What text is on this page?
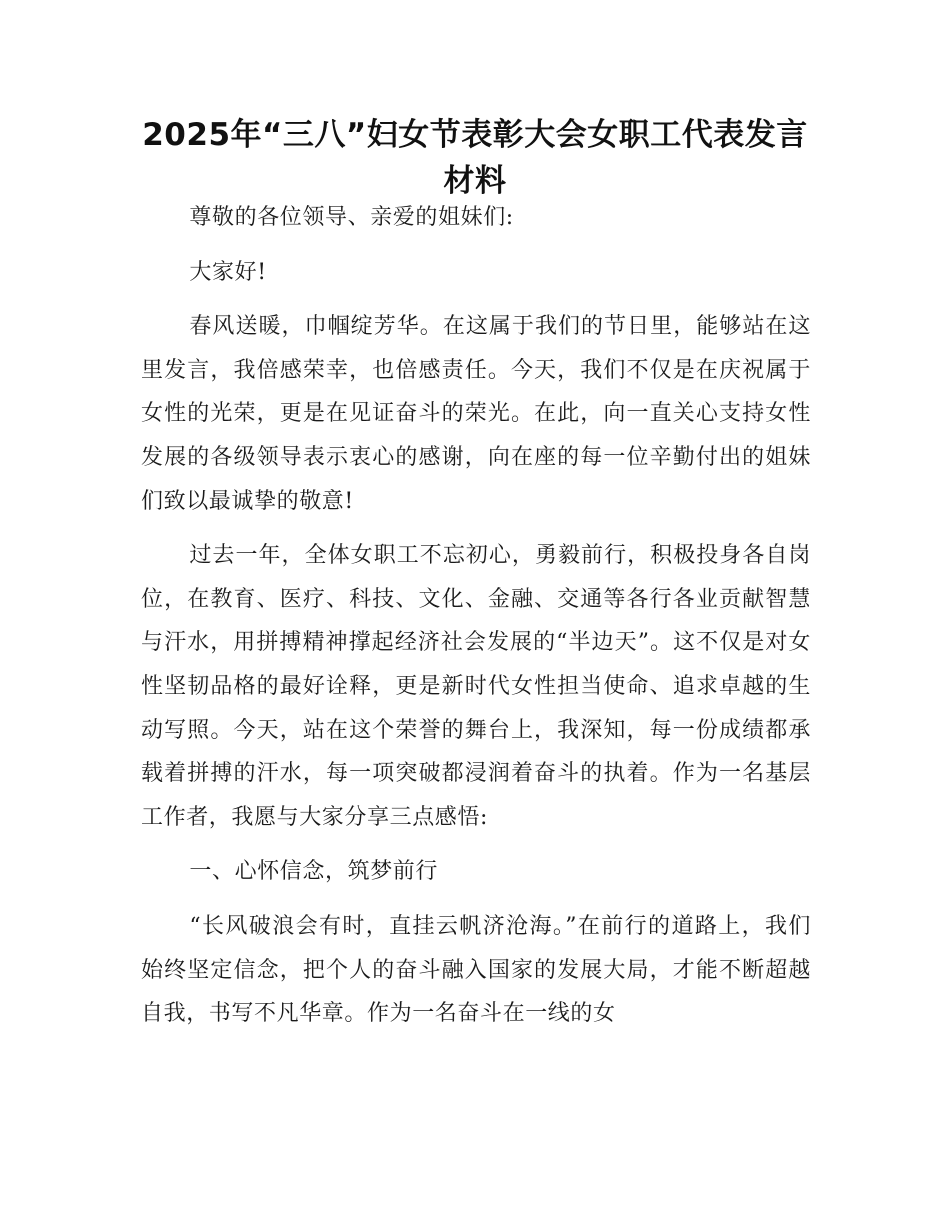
2025年“三八”妇女节表彰大会女职工代表发言材料

尊敬的各位领导、亲爱的姐妹们:

大家好!

春风送暖，巾帼绽芳华。在这属于我们的节日里，能够站在这里发言，我倍感荣幸，也倍感责任。今天，我们不仅是在庆祝属于女性的光荣，更是在见证奋斗的荣光。在此，向一直关心支持女性发展的各级领导表示衷心的感谢，向在座的每一位辛勤付出的姐妹们致以最诚挚的敬意!

过去一年，全体女职工不忘初心，勇毅前行，积极投身各自岗位，在教育、医疗、科技、文化、金融、交通等各行各业贡献智慧与汗水，用拼搏精神撑起经济社会发展的“半边天”。这不仅是对女性坚韧品格的最好诠释，更是新时代女性担当使命、追求卓越的生动写照。今天，站在这个荣誉的舞台上，我深知，每一份成绩都承载着拼搏的汗水，每一项突破都浸润着奋斗的执着。作为一名基层工作者，我愿与大家分享三点感悟:

一、心怀信念，筑梦前行

“长风破浪会有时，直挂云帆济沧海。”在前行的道路上，我们始终坚定信念，把个人的奋斗融入国家的发展大局，才能不断超越自我，书写不凡华章。作为一名奋斗在一线的女
